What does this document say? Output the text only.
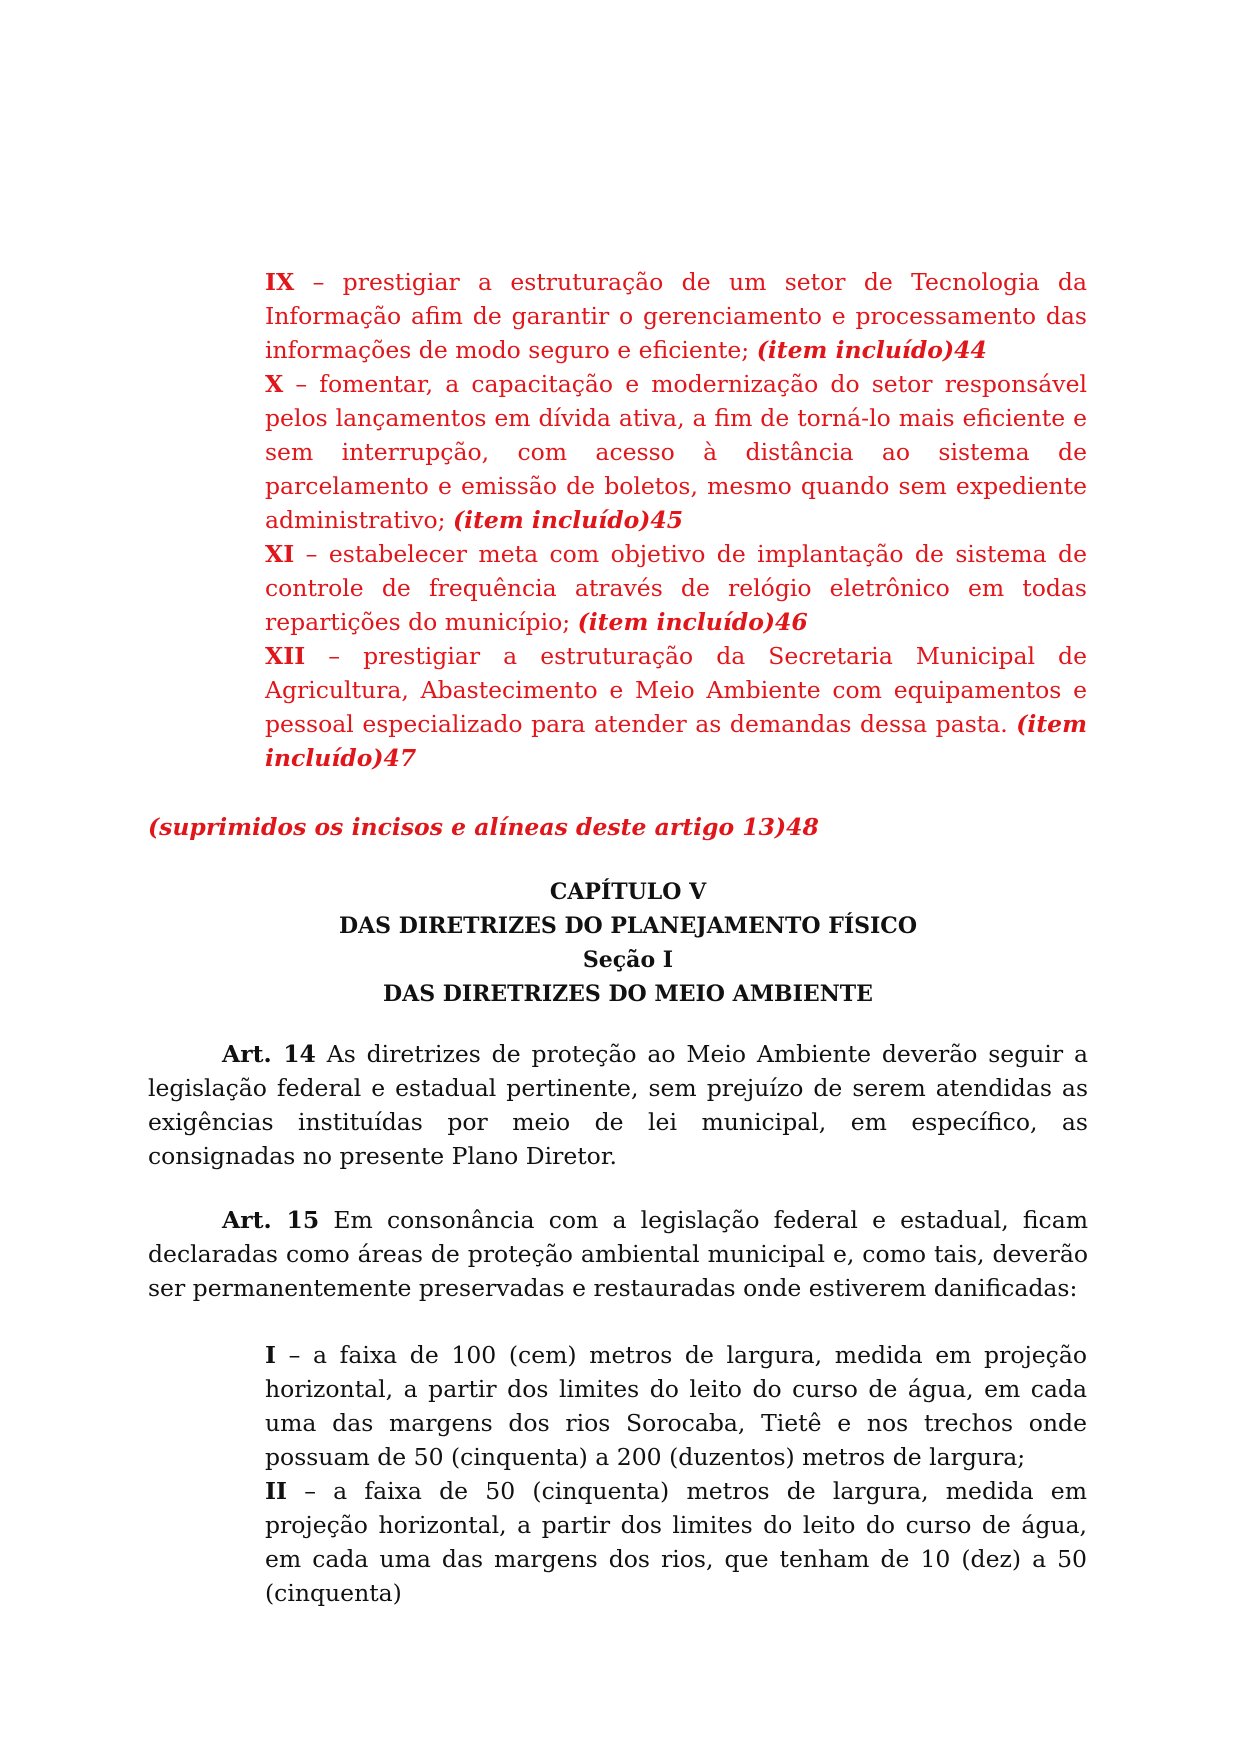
IX – prestigiar a estruturação de um setor de Tecnologia da Informação afim de garantir o gerenciamento e processamento das informações de modo seguro e eficiente; (item incluído)44
X – fomentar, a capacitação e modernização do setor responsável pelos lançamentos em dívida ativa, a fim de torná-lo mais eficiente e sem interrupção, com acesso à distância ao sistema de parcelamento e emissão de boletos, mesmo quando sem expediente administrativo; (item incluído)45
XI – estabelecer meta com objetivo de implantação de sistema de controle de frequência através de relógio eletrônico em todas repartições do município; (item incluído)46
XII – prestigiar a estruturação da Secretaria Municipal de Agricultura, Abastecimento e Meio Ambiente com equipamentos e pessoal especializado para atender as demandas dessa pasta. (item incluído)47

(suprimidos os incisos e alíneas deste artigo 13)48

CAPÍTULO V
DAS DIRETRIZES DO PLANEJAMENTO FÍSICO
Seção I
DAS DIRETRIZES DO MEIO AMBIENTE

Art. 14 As diretrizes de proteção ao Meio Ambiente deverão seguir a legislação federal e estadual pertinente, sem prejuízo de serem atendidas as exigências instituídas por meio de lei municipal, em específico, as consignadas no presente Plano Diretor.

Art. 15 Em consonância com a legislação federal e estadual, ficam declaradas como áreas de proteção ambiental municipal e, como tais, deverão ser permanentemente preservadas e restauradas onde estiverem danificadas:

I – a faixa de 100 (cem) metros de largura, medida em projeção horizontal, a partir dos limites do leito do curso de água, em cada uma das margens dos rios Sorocaba, Tietê e nos trechos onde possuam de 50 (cinquenta) a 200 (duzentos) metros de largura;
II – a faixa de 50 (cinquenta) metros de largura, medida em projeção horizontal, a partir dos limites do leito do curso de água, em cada uma das margens dos rios, que tenham de 10 (dez) a 50 (cinquenta)
